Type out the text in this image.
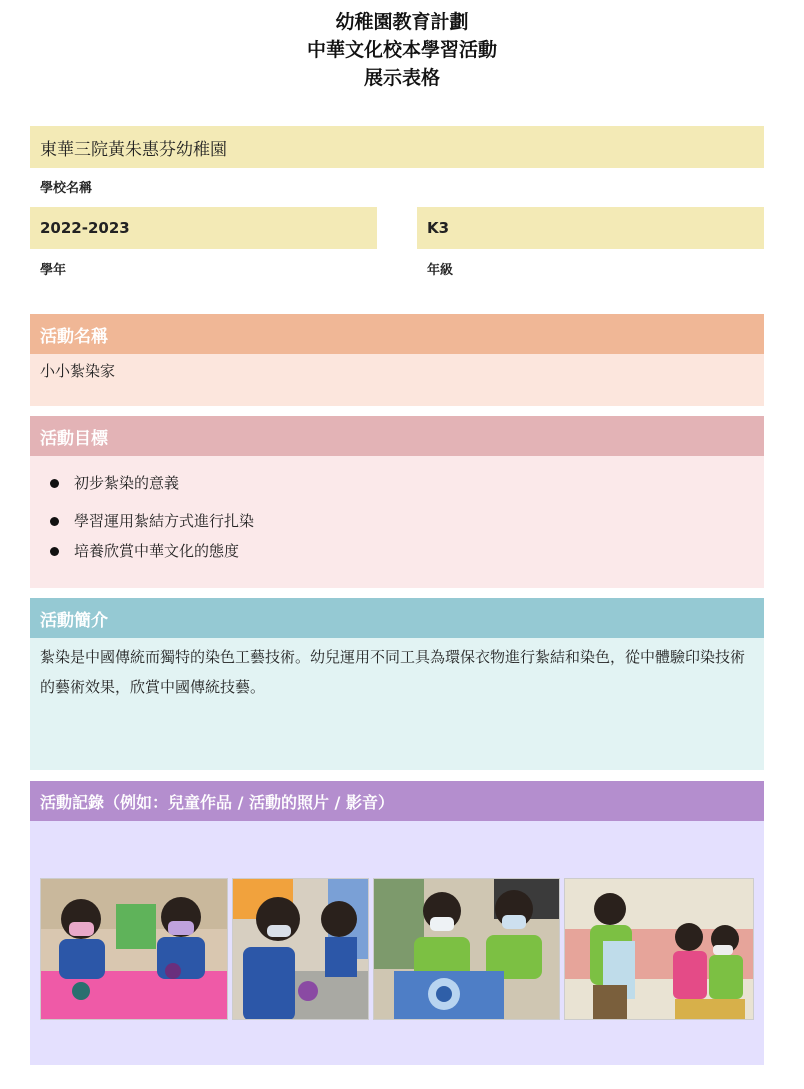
幼稚園教育計劃
中華文化校本學習活動
展示表格
東華三院黃朱惠芬幼稚園
學校名稱
2022-2023
學年
K3
年級
活動名稱
小小紮染家
活動目標
初步紮染的意義
學習運用紮結方式進行扎染
培養欣賞中華文化的態度
活動簡介
紮染是中國傳統而獨特的染色工藝技術。幼兒運用不同工具為環保衣物進行紮結和染色，從中體驗印染技術的藝術效果，欣賞中國傳統技藝。
活動記錄（例如：兒童作品 / 活動的照片 / 影音）
